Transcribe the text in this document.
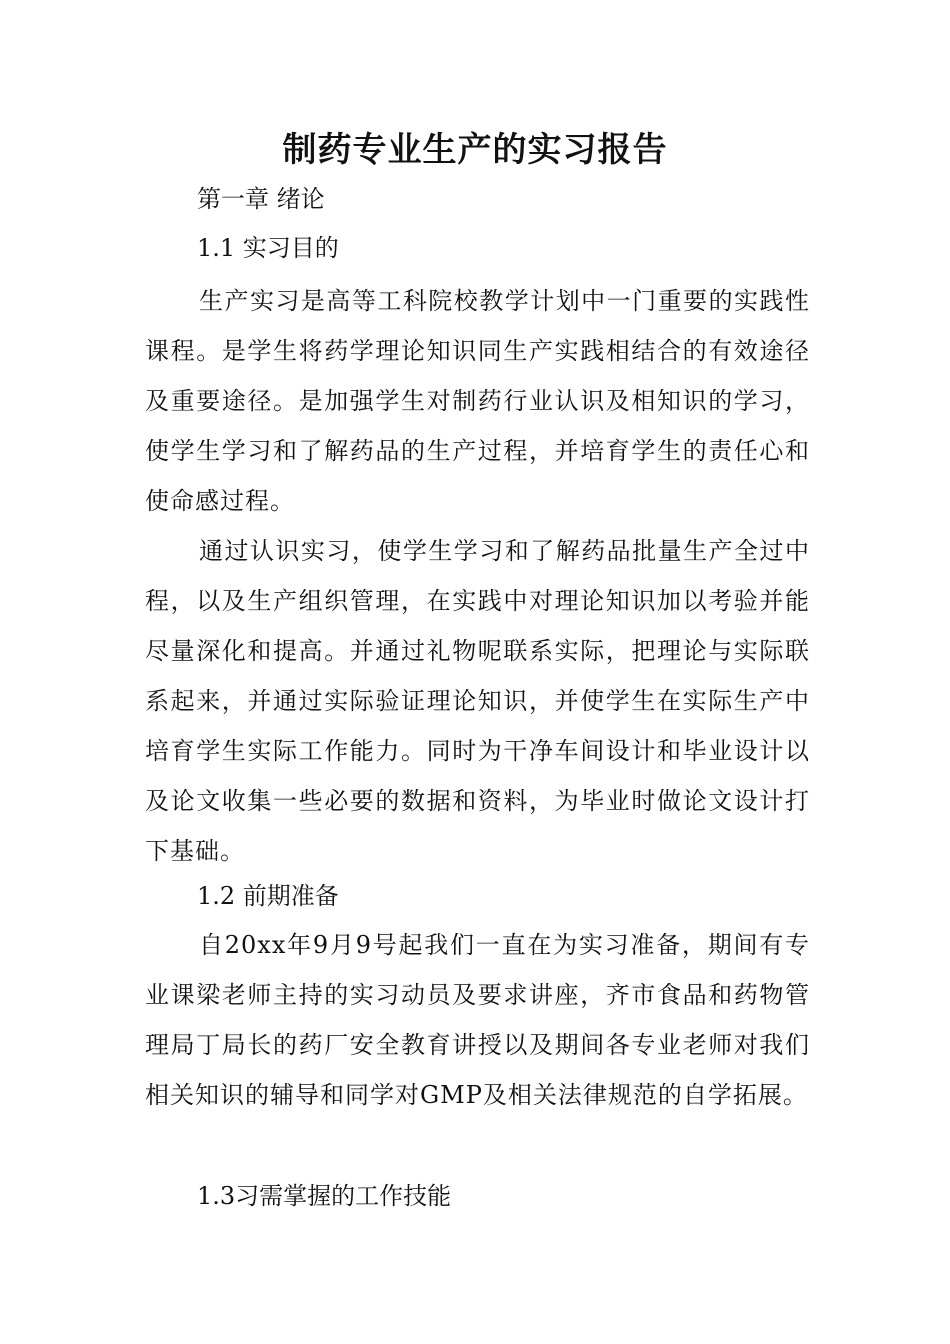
制药专业生产的实习报告

第一章 绪论

1.1 实习目的

生产实习是高等工科院校教学计划中一门重要的实践性课程。是学生将药学理论知识同生产实践相结合的有效途径及重要途径。是加强学生对制药行业认识及相知识的学习，使学生学习和了解药品的生产过程，并培育学生的责任心和使命感过程。

通过认识实习，使学生学习和了解药品批量生产全过中程，以及生产组织管理，在实践中对理论知识加以考验并能尽量深化和提高。并通过礼物呢联系实际，把理论与实际联系起来，并通过实际验证理论知识，并使学生在实际生产中培育学生实际工作能力。同时为干净车间设计和毕业设计以及论文收集一些必要的数据和资料，为毕业时做论文设计打下基础。

1.2 前期准备

自20xx年9月9号起我们一直在为实习准备，期间有专业课梁老师主持的实习动员及要求讲座，齐市食品和药物管理局丁局长的药厂安全教育讲授以及期间各专业老师对我们相关知识的辅导和同学对GMP及相关法律规范的自学拓展。

1.3习需掌握的工作技能
